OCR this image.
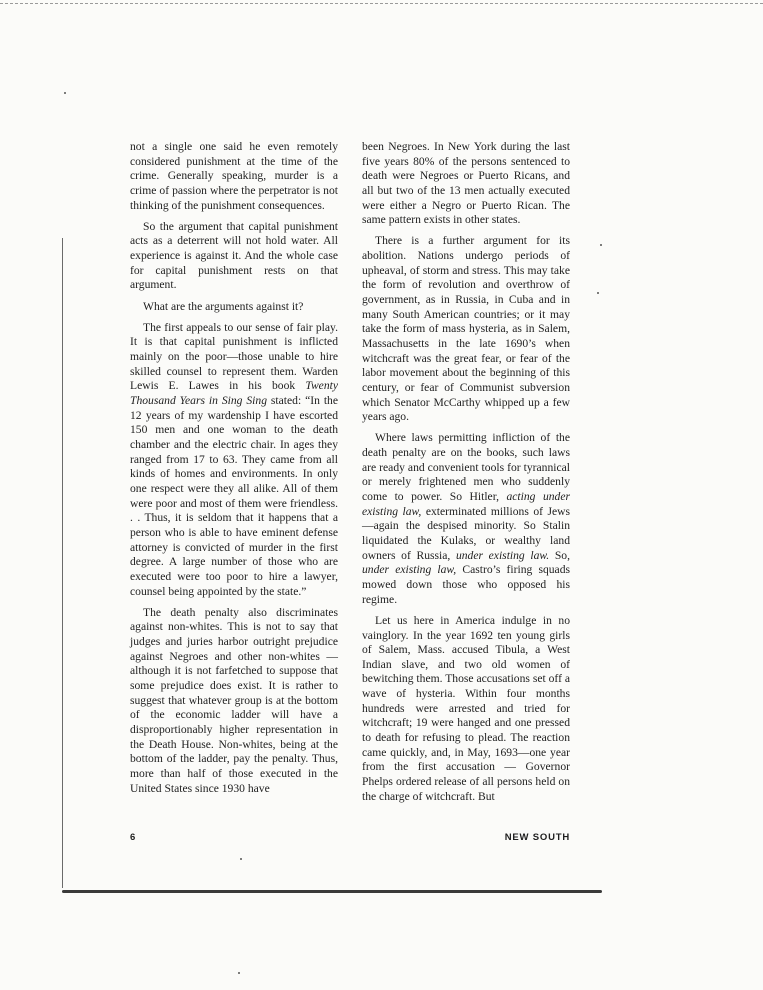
not a single one said he even remotely considered punishment at the time of the crime. Generally speaking, murder is a crime of passion where the perpetrator is not thinking of the punishment consequences.

So the argument that capital punishment acts as a deterrent will not hold water. All experience is against it. And the whole case for capital punishment rests on that argument.

What are the arguments against it?

The first appeals to our sense of fair play. It is that capital punishment is inflicted mainly on the poor—those unable to hire skilled counsel to represent them. Warden Lewis E. Lawes in his book Twenty Thousand Years in Sing Sing stated: “In the 12 years of my wardenship I have escorted 150 men and one woman to the death chamber and the electric chair. In ages they ranged from 17 to 63. They came from all kinds of homes and environments. In only one respect were they all alike. All of them were poor and most of them were friendless. . . Thus, it is seldom that it happens that a person who is able to have eminent defense attorney is convicted of murder in the first degree. A large number of those who are executed were too poor to hire a lawyer, counsel being appointed by the state.”

The death penalty also discriminates against non-whites. This is not to say that judges and juries harbor outright prejudice against Negroes and other non-whites — although it is not farfetched to suppose that some prejudice does exist. It is rather to suggest that whatever group is at the bottom of the economic ladder will have a disproportionably higher representation in the Death House. Non-whites, being at the bottom of the ladder, pay the penalty. Thus, more than half of those executed in the United States since 1930 have

been Negroes. In New York during the last five years 80% of the persons sentenced to death were Negroes or Puerto Ricans, and all but two of the 13 men actually executed were either a Negro or Puerto Rican. The same pattern exists in other states.

There is a further argument for its abolition. Nations undergo periods of upheaval, of storm and stress. This may take the form of revolution and overthrow of government, as in Russia, in Cuba and in many South American countries; or it may take the form of mass hysteria, as in Salem, Massachusetts in the late 1690’s when witchcraft was the great fear, or fear of the labor movement about the beginning of this century, or fear of Communist subversion which Senator McCarthy whipped up a few years ago.

Where laws permitting infliction of the death penalty are on the books, such laws are ready and convenient tools for tyrannical or merely frightened men who suddenly come to power. So Hitler, acting under existing law, exterminated millions of Jews—again the despised minority. So Stalin liquidated the Kulaks, or wealthy land owners of Russia, under existing law. So, under existing law, Castro’s firing squads mowed down those who opposed his regime.

Let us here in America indulge in no vainglory. In the year 1692 ten young girls of Salem, Mass. accused Tibula, a West Indian slave, and two old women of bewitching them. Those accusations set off a wave of hysteria. Within four months hundreds were arrested and tried for witchcraft; 19 were hanged and one pressed to death for refusing to plead. The reaction came quickly, and, in May, 1693—one year from the first accusation — Governor Phelps ordered release of all persons held on the charge of witchcraft. But

6	NEW SOUTH
